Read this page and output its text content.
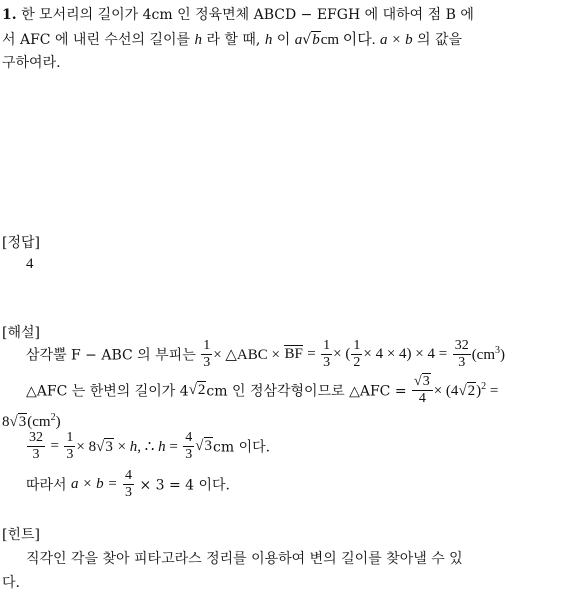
1. 한 모서리의 길이가 4cm 인 정육면체 ABCD − EFGH 에 대하여 점 B 에
서 AFC 에 내린 수선의 길이를 h 라 할 때, h 이 a√bcm 이다. a × b 의 값을
구하여라.
[정답]
4
[해설]
삼각뿔 F − ABC 의 부피는 $\frac{1}{3}$ × △ABC × BF = $\frac{1}{3}$ × ( $\frac{1}{2} \times 4 \times 4) \times 4 = \frac{32}{3} (cm^3)$
△AFC 는 한변의 길이가 4√2cm 인 정삼각형이므로 △AFC = $\frac{√3}{4} \times (4√2)^2$ =
$8√3(cm^2)$
$\frac{32}{3} = \frac{1}{3} \times 8√3 \times h$, ∴ $h = \frac{4}{3} √3cm$ 이다.
따라서 $a \times b = \frac{4}{3} \times 3 = 4$ 이다.
[힌트]
직각인 각을 찾아 피타고라스 정리를 이용하여 변의 길이를 찾아낼 수 있
다.
